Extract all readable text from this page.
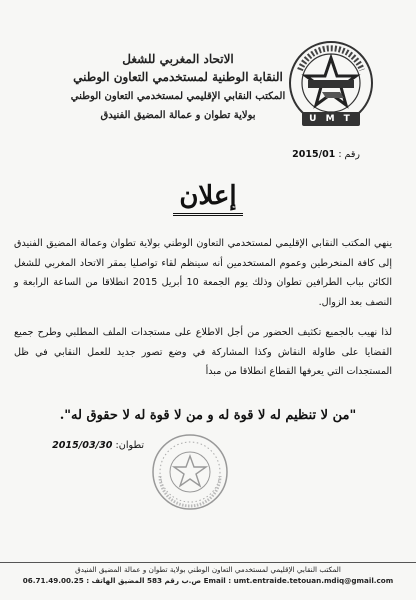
U M T
الاتحاد المغربي للشغل
النقابة الوطنية لمستخدمي التعاون الوطني
المكتب النقابي الإقليمي لمستخدمي التعاون الوطني
بولاية تطوان و عمالة المضيق الفنيدق
رقم : 2015/01
إعلان
ينهي المكتب النقابي الإقليمي لمستخدمي التعاون الوطني بولاية تطوان وعمالة المضيق الفنيدق إلى كافة المنخرطين وعموم المستخدمين أنه سينظم لقاء تواصليا بمقر الاتحاد المغربي للشغل الكائن بباب الطرافين تطوان وذلك يوم الجمعة 10 أبريل 2015 انطلاقا من الساعة الرابعة و النصف بعد الزوال.
لذا نهيب بالجميع تكثيف الحضور من أجل الاطلاع على مستجدات الملف المطلبي وطرح جميع القضايا على طاولة النقاش وكذا المشاركة في وضع تصور جديد للعمل النقابي في ظل المستجدات التي يعرفها القطاع انطلاقا من مبدأ
"من لا تنظيم له لا قوة له و من لا قوة له لا حقوق له".
تطوان: 2015/03/30
المكتب النقابي الإقليمي لمستخدمي التعاون الوطني بولاية تطوان و عمالة المضيق الفنيدق
Email : umt.entraide.tetouan.mdiq@gmail.com ص.ب رقم 583 المضيق الهاتف : 06.71.49.00.25
